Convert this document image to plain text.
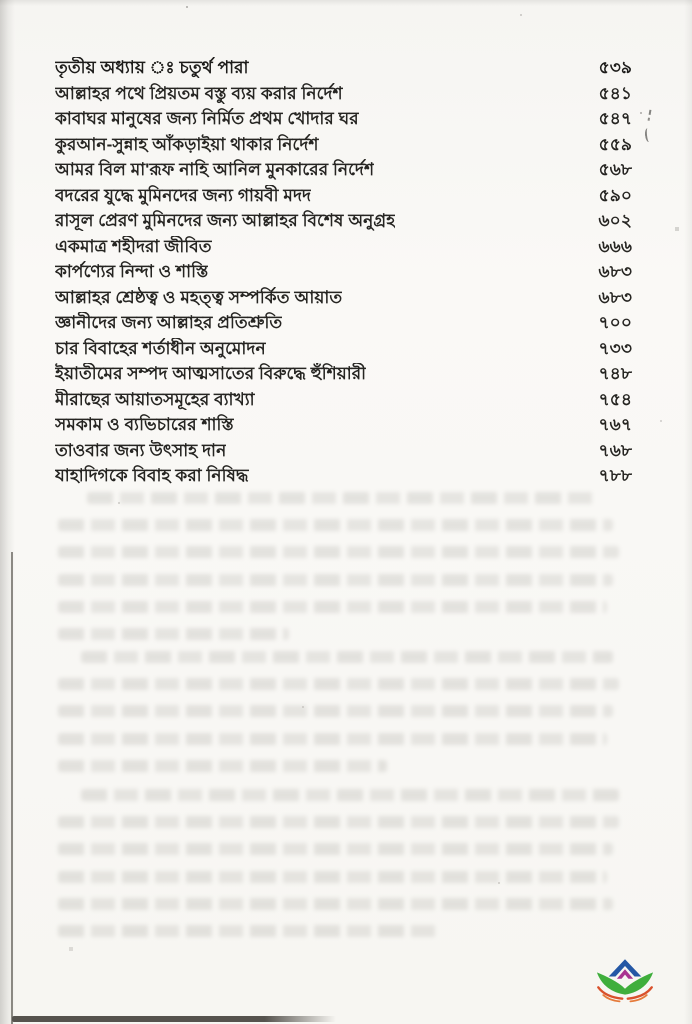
তৃতীয় অধ্যায় ঃ চতুর্থ পারা	৫৩৯
আল্লাহর পথে প্রিয়তম বস্তু ব্যয় করার নির্দেশ	৫৪১
কাবাঘর মানুষের জন্য নির্মিত প্রথম খোদার ঘর	৫৪৭
কুরআন-সুন্নাহ আঁকড়াইয়া থাকার নির্দেশ	৫৫৯
আমর বিল মা'রূফ নাহি আনিল মুনকারের নির্দেশ	৫৬৮
বদরের যুদ্ধে মুমিনদের জন্য গায়বী মদদ	৫৯০
রাসূল প্রেরণ মুমিনদের জন্য আল্লাহর বিশেষ অনুগ্রহ	৬০২
একমাত্র শহীদরা জীবিত	৬৬৬
কার্পণ্যের নিন্দা ও শাস্তি	৬৮৩
আল্লাহর শ্রেষ্ঠত্ব ও মহত্ত্ব সম্পর্কিত আয়াত	৬৮৩
জ্ঞানীদের জন্য আল্লাহর প্রতিশ্রুতি	৭০০
চার বিবাহের শর্তাধীন অনুমোদন	৭৩৩
ইয়াতীমের সম্পদ আত্মসাতের বিরুদ্ধে হুঁশিয়ারী	৭৪৮
মীরাছের আয়াতসমূহের ব্যাখ্যা	৭৫৪
সমকাম ও ব্যভিচারের শাস্তি	৭৬৭
তাওবার জন্য উৎসাহ দান	৭৬৮
যাহাদিগকে বিবাহ করা নিষিদ্ধ	৭৮৮
